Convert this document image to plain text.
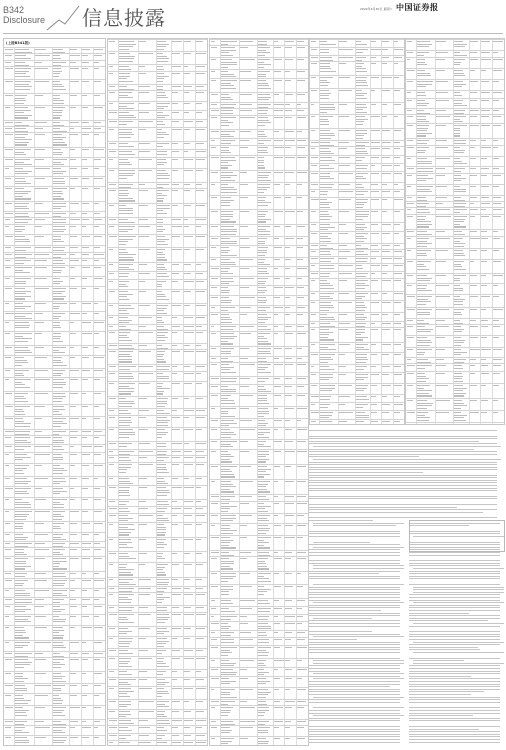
B342
Disclosure 信息披露	2022年4月30日 星期六 中国证券报
(上接B341版)
